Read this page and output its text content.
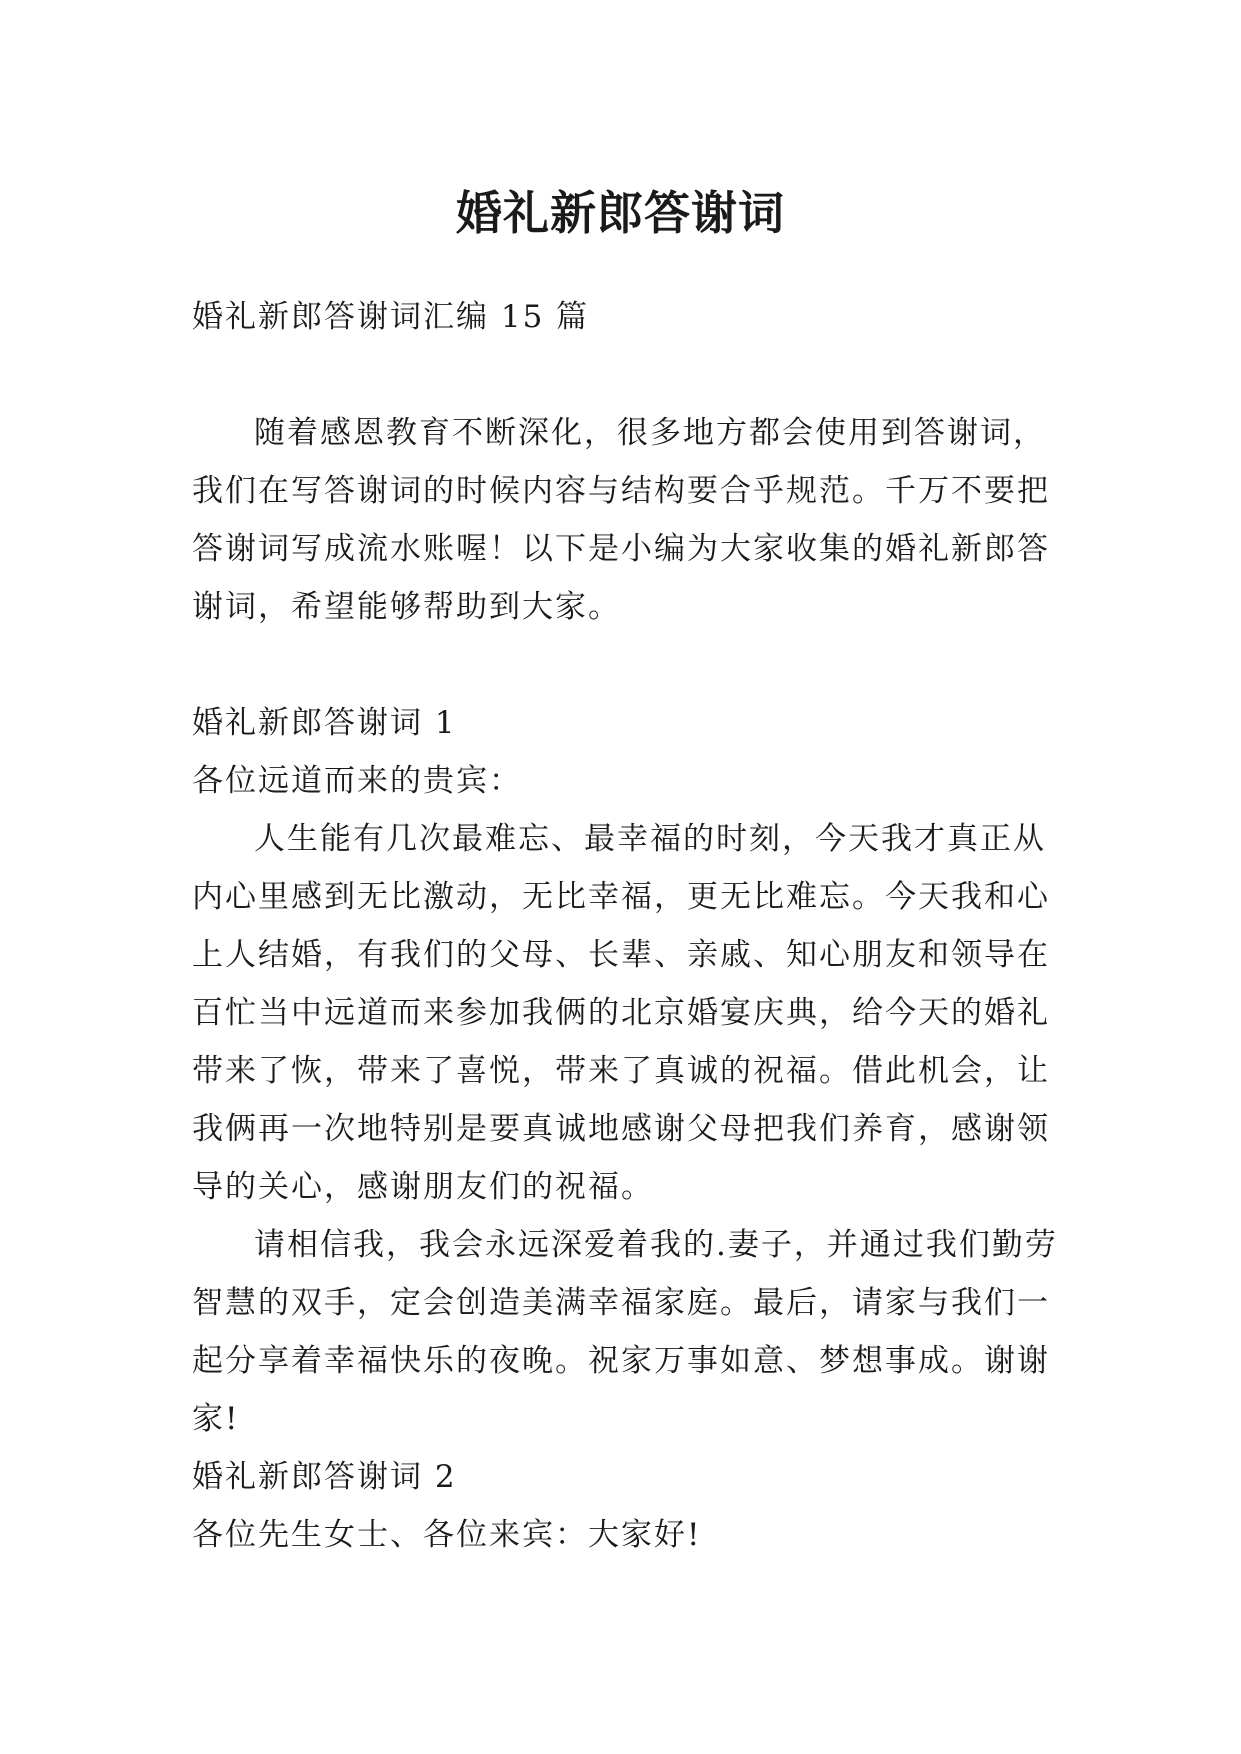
婚礼新郎答谢词

婚礼新郎答谢词汇编 15 篇

随着感恩教育不断深化，很多地方都会使用到答谢词，我们在写答谢词的时候内容与结构要合乎规范。千万不要把答谢词写成流水账喔！以下是小编为大家收集的婚礼新郎答谢词，希望能够帮助到大家。

婚礼新郎答谢词 1

各位远道而来的贵宾：

人生能有几次最难忘、最幸福的时刻，今天我才真正从内心里感到无比激动，无比幸福，更无比难忘。今天我和心上人结婚，有我们的父母、长辈、亲戚、知心朋友和领导在百忙当中远道而来参加我俩的北京婚宴庆典，给今天的婚礼带来了恢，带来了喜悦，带来了真诚的祝福。借此机会，让我俩再一次地特别是要真诚地感谢父母把我们养育，感谢领导的关心，感谢朋友们的祝福。

请相信我，我会永远深爱着我的.妻子，并通过我们勤劳智慧的双手，定会创造美满幸福家庭。最后，请家与我们一起分享着幸福快乐的夜晚。祝家万事如意、梦想事成。谢谢家!

婚礼新郎答谢词 2

各位先生女士、各位来宾：大家好!
